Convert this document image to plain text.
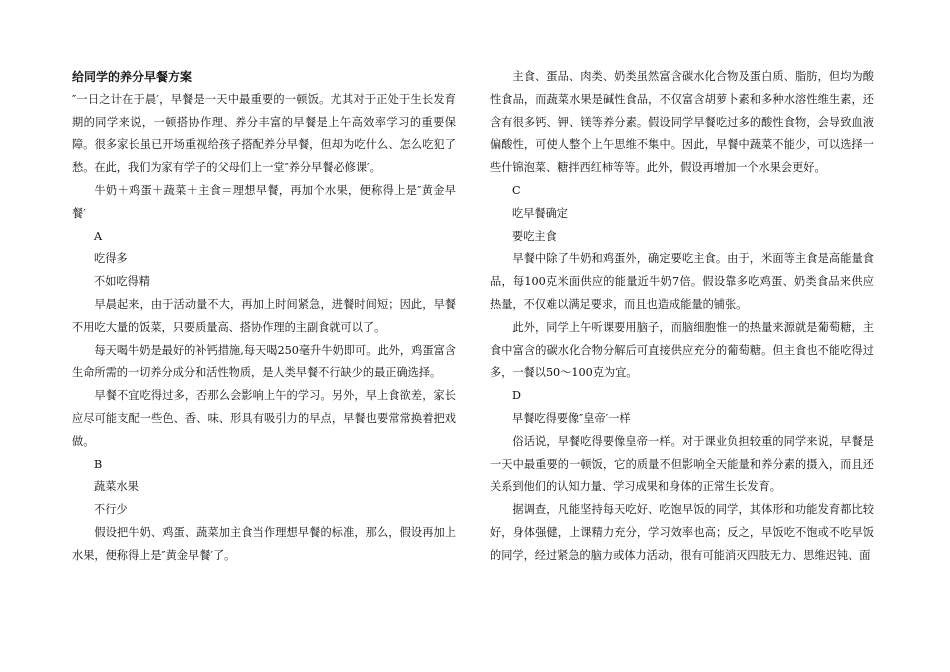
给同学的养分早餐方案

″一日之计在于晨′，早餐是一天中最重要的一顿饭。尤其对于正处于生长发育期的同学来说，一顿搭协作理、养分丰富的早餐是上午高效率学习的重要保障。很多家长虽已开场重视给孩子搭配养分早餐，但却为吃什么、怎么吃犯了愁。在此，我们为家有学子的父母们上一堂″养分早餐必修课′。

牛奶＋鸡蛋＋蔬菜＋主食＝理想早餐，再加个水果，便称得上是″黄金早餐′

A

吃得多

不如吃得精

早晨起来，由于活动量不大，再加上时间紧急，进餐时间短；因此，早餐不用吃大量的饭菜，只要质量高、搭协作理的主副食就可以了。

每天喝牛奶是最好的补钙措施,每天喝250毫升牛奶即可。此外，鸡蛋富含生命所需的一切养分成分和活性物质，是人类早餐不行缺少的最正确选择。

早餐不宜吃得过多，否那么会影响上午的学习。另外，早上食欲差，家长应尽可能支配一些色、香、味、形具有吸引力的早点，早餐也要常常换着把戏做。

B

蔬菜水果

不行少

假设把牛奶、鸡蛋、蔬菜加主食当作理想早餐的标准，那么，假设再加上水果，便称得上是″黄金早餐′了。

主食、蛋品、肉类、奶类虽然富含碳水化合物及蛋白质、脂肪，但均为酸性食品，而蔬菜水果是碱性食品，不仅富含胡萝卜素和多种水溶性维生素，还含有很多钙、钾、镁等养分素。假设同学早餐吃过多的酸性食物，会导致血液偏酸性，可使人整个上午思维不集中。因此，早餐中蔬菜不能少，可以选择一些什锦泡菜、糖拌西红柿等等。此外，假设再增加一个水果会更好。

C

吃早餐确定

要吃主食

早餐中除了牛奶和鸡蛋外，确定要吃主食。由于，米面等主食是高能量食品，每100克米面供应的能量近牛奶7倍。假设靠多吃鸡蛋、奶类食品来供应热量，不仅难以满足要求，而且也造成能量的铺张。

此外，同学上午听课要用脑子，而脑细胞惟一的热量来源就是葡萄糖，主食中富含的碳水化合物分解后可直接供应充分的葡萄糖。但主食也不能吃得过多，一餐以50～100克为宜。

D

早餐吃得要像″皇帝′一样

俗话说，早餐吃得要像皇帝一样。对于课业负担较重的同学来说，早餐是一天中最重要的一顿饭，它的质量不但影响全天能量和养分素的摄入，而且还关系到他们的认知力量、学习成果和身体的正常生长发育。

据调查，凡能坚持每天吃好、吃饱早饭的同学，其体形和功能发育都比较好，身体强健，上课精力充分，学习效率也高；反之，早饭吃不饱或不吃早饭的同学，经过紧急的脑力或体力活动，很有可能消灭四肢无力、思维迟钝、面
